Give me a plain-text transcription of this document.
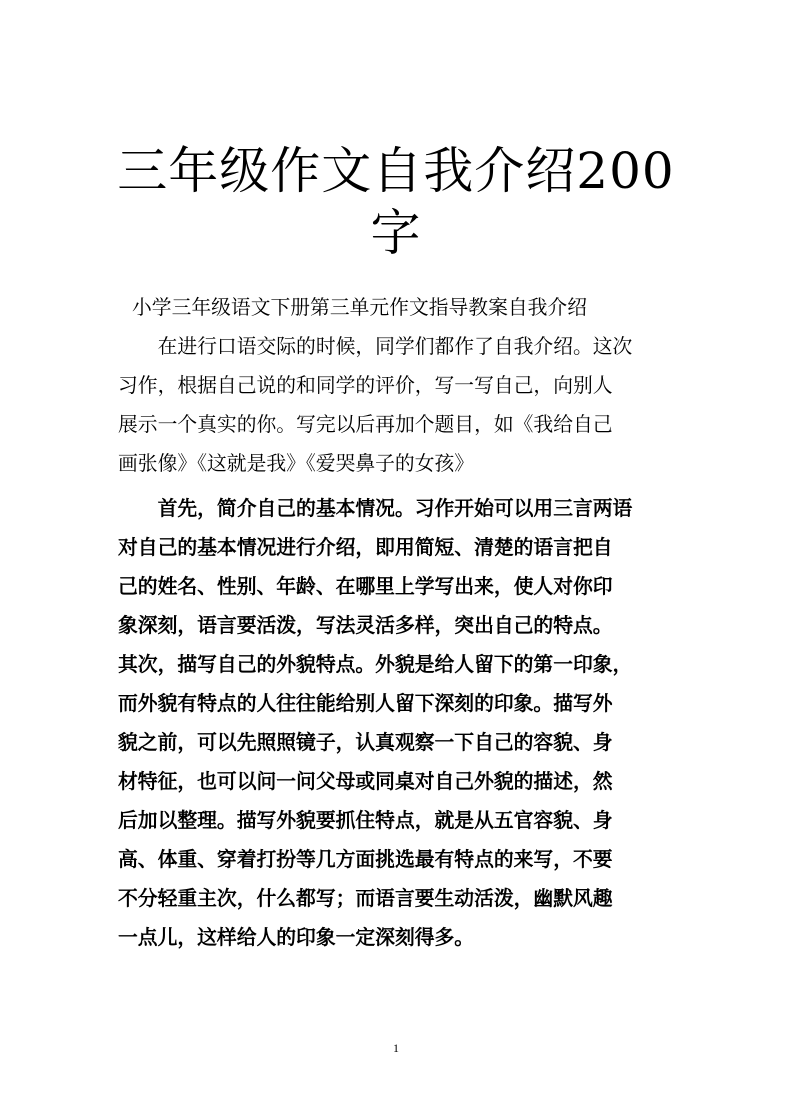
三年级作文自我介绍200
字

小学三年级语文下册第三单元作文指导教案自我介绍

　　在进行口语交际的时候，同学们都作了自我介绍。这次
习作，根据自己说的和同学的评价，写一写自己，向别人
展示一个真实的你。写完以后再加个题目，如《我给自己
画张像》《这就是我》《爱哭鼻子的女孩》

　　首先，简介自己的基本情况。习作开始可以用三言两语
对自己的基本情况进行介绍，即用简短、清楚的语言把自
己的姓名、性别、年龄、在哪里上学写出来，使人对你印
象深刻，语言要活泼，写法灵活多样，突出自己的特点。
其次，描写自己的外貌特点。外貌是给人留下的第一印象，
而外貌有特点的人往往能给别人留下深刻的印象。描写外
貌之前，可以先照照镜子，认真观察一下自己的容貌、身
材特征，也可以问一问父母或同桌对自己外貌的描述，然
后加以整理。描写外貌要抓住特点，就是从五官容貌、身
高、体重、穿着打扮等几方面挑选最有特点的来写，不要
不分轻重主次，什么都写；而语言要生动活泼，幽默风趣
一点儿，这样给人的印象一定深刻得多。

1
